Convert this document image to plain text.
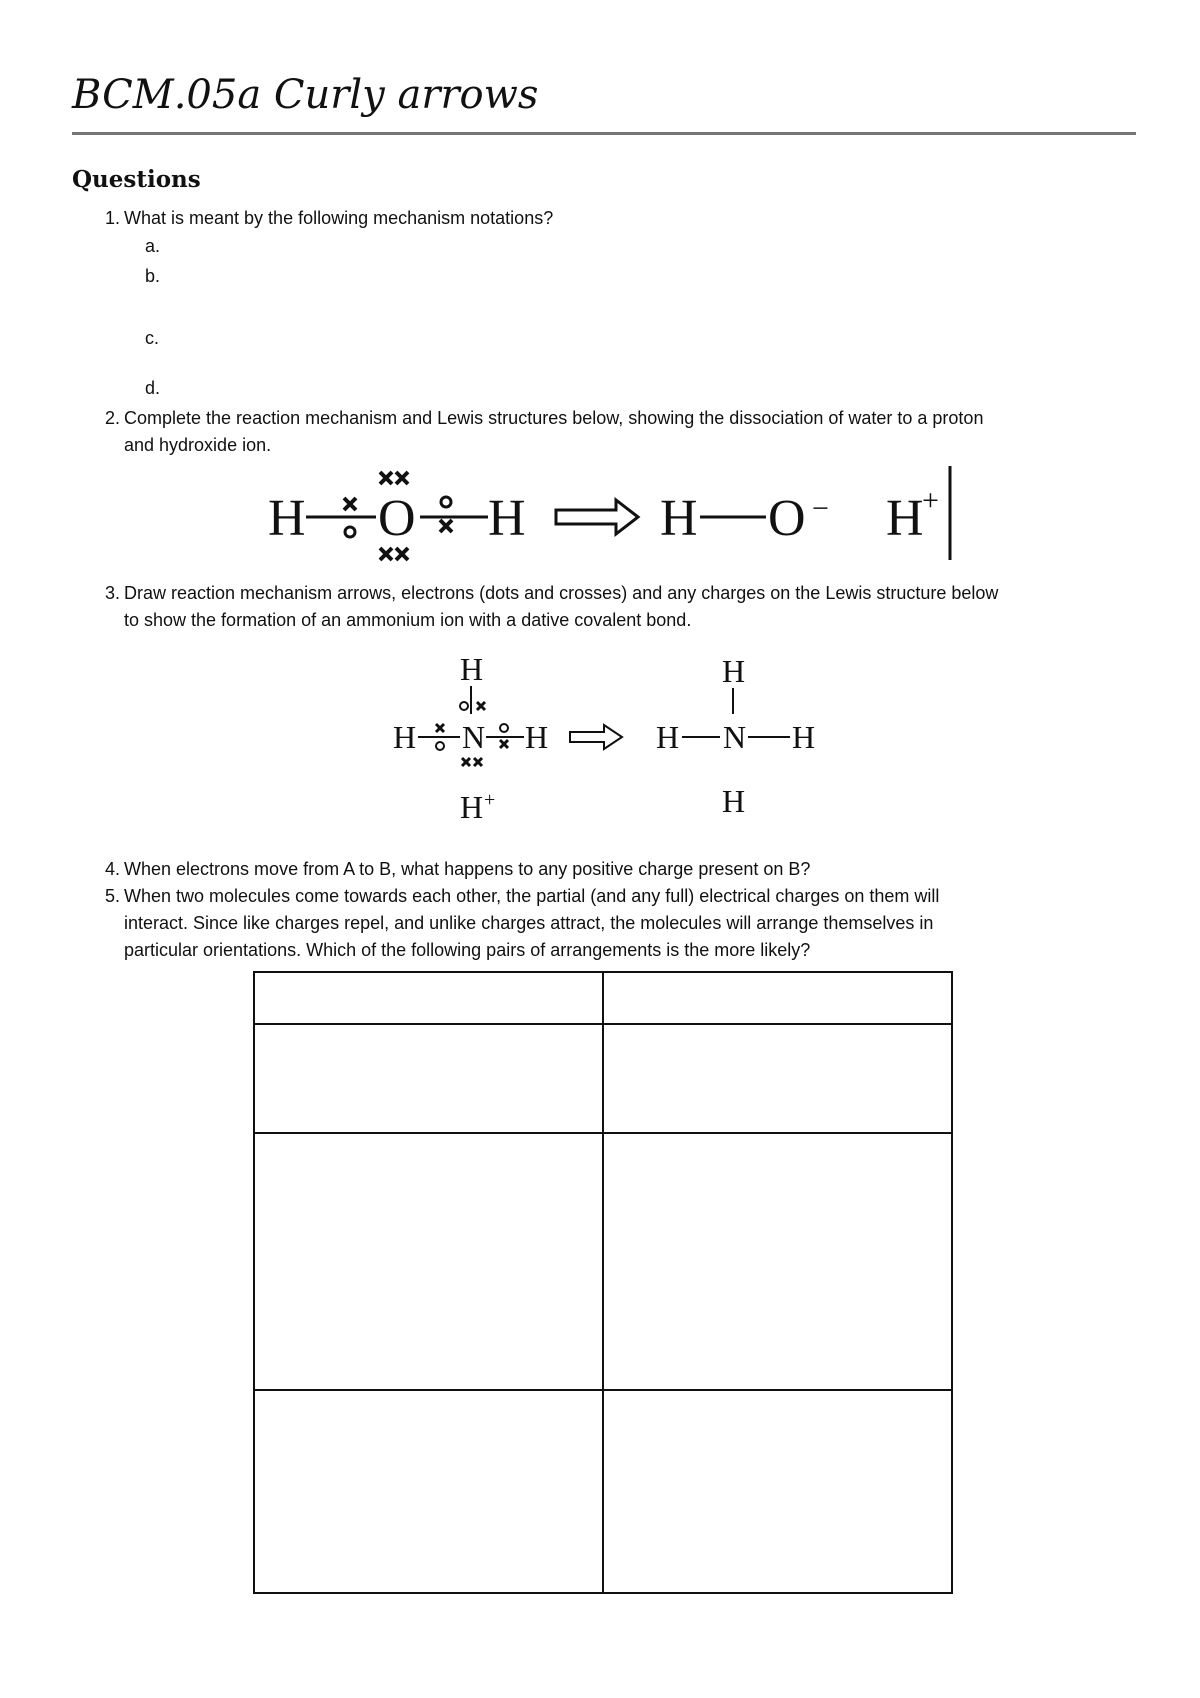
BCM.05a Curly arrows
Questions
1. What is meant by the following mechanism notations?
a.
b.
c.
d.
2. Complete the reaction mechanism and Lewis structures below, showing the dissociation of water to a proton
and hydroxide ion.
H O H	H O − H
+
3. Draw reaction mechanism arrows, electrons (dots and crosses) and any charges on the Lewis structure below
to show the formation of an ammonium ion with a dative covalent bond.
H
H N H
H +
H
H N H
H
4. When electrons move from A to B, what happens to any positive charge present on B?
5. When two molecules come towards each other, the partial (and any full) electrical charges on them will
interact. Since like charges repel, and unlike charges attract, the molecules will arrange themselves in
particular orientations. Which of the following pairs of arrangements is the more likely?
